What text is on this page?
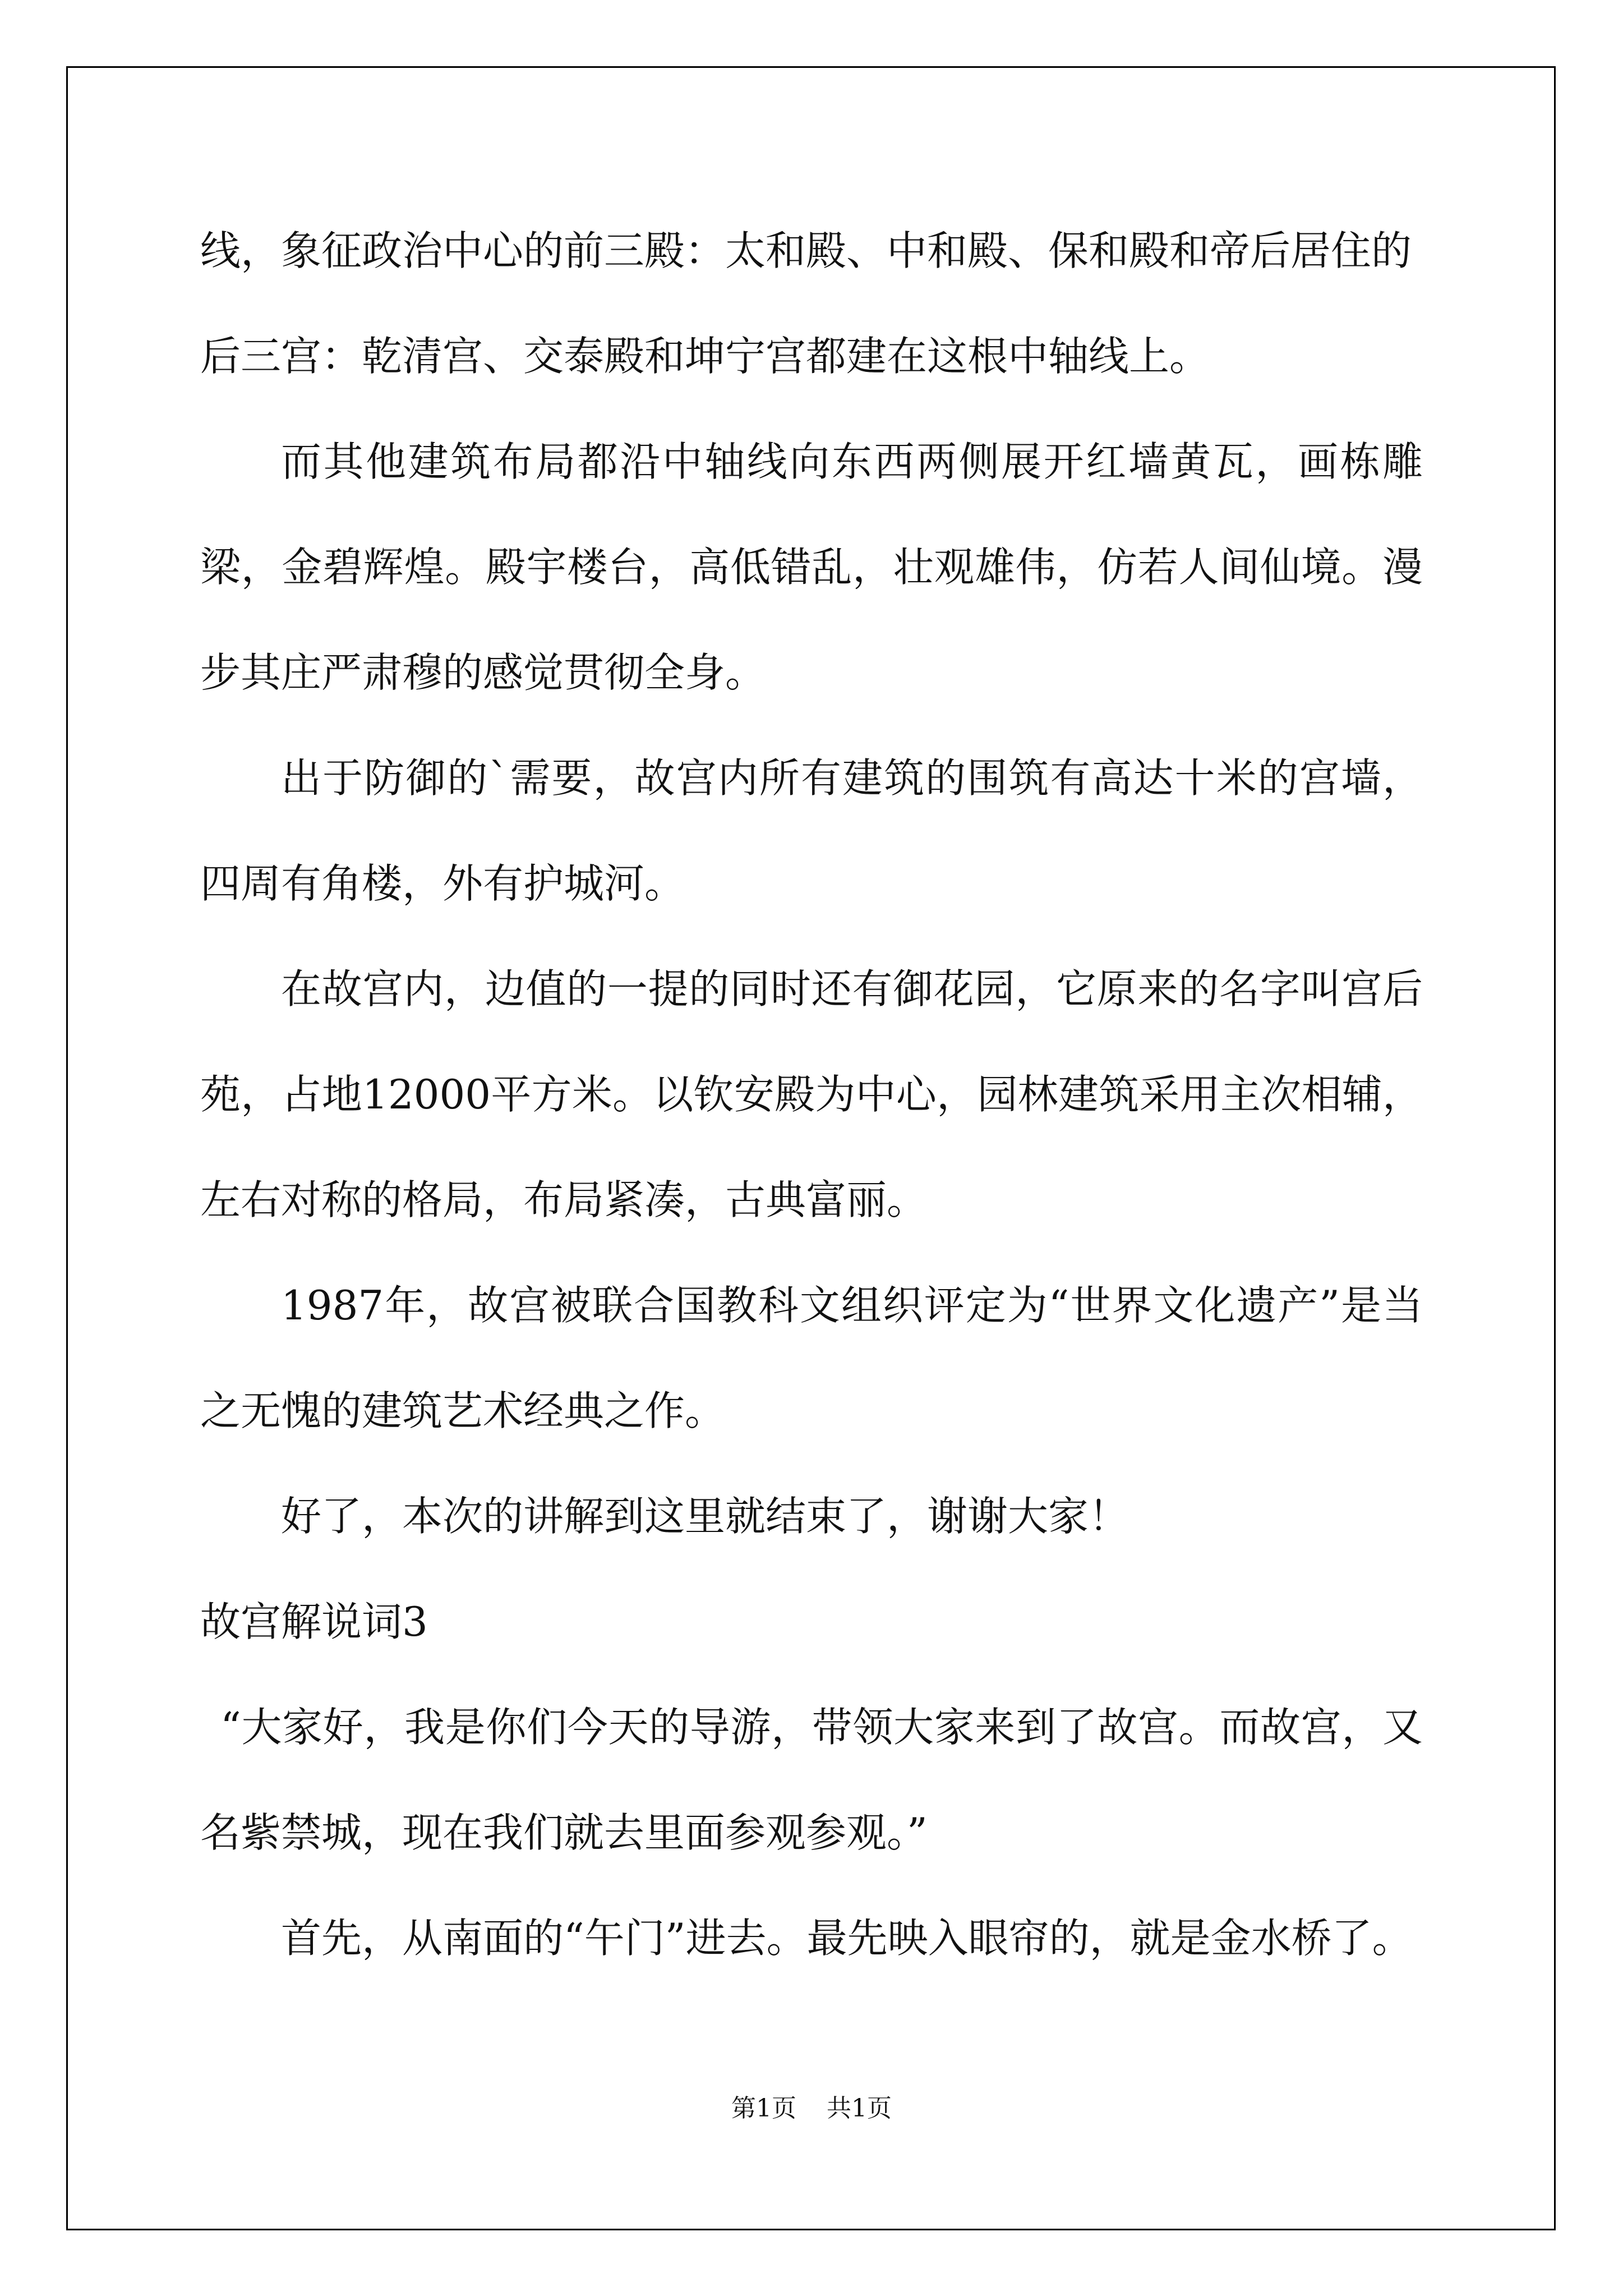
线，象征政治中心的前三殿：太和殿、中和殿、保和殿和帝后居住的后三宫：乾清宫、交泰殿和坤宁宫都建在这根中轴线上。

而其他建筑布局都沿中轴线向东西两侧展开红墙黄瓦，画栋雕梁，金碧辉煌。殿宇楼台，高低错乱，壮观雄伟，仿若人间仙境。漫步其庄严肃穆的感觉贯彻全身。

出于防御的`需要，故宫内所有建筑的围筑有高达十米的宫墙，四周有角楼，外有护城河。

在故宫内，边值的一提的同时还有御花园，它原来的名字叫宫后苑，占地12000平方米。以钦安殿为中心，园林建筑采用主次相辅，左右对称的格局，布局紧凑，古典富丽。

1987年，故宫被联合国教科文组织评定为“世界文化遗产”是当之无愧的建筑艺术经典之作。

好了，本次的讲解到这里就结束了，谢谢大家！

故宫解说词3

“大家好，我是你们今天的导游，带领大家来到了故宫。而故宫，又名紫禁城，现在我们就去里面参观参观。”

首先，从南面的“午门”进去。最先映入眼帘的，就是金水桥了。

第1页 共1页
